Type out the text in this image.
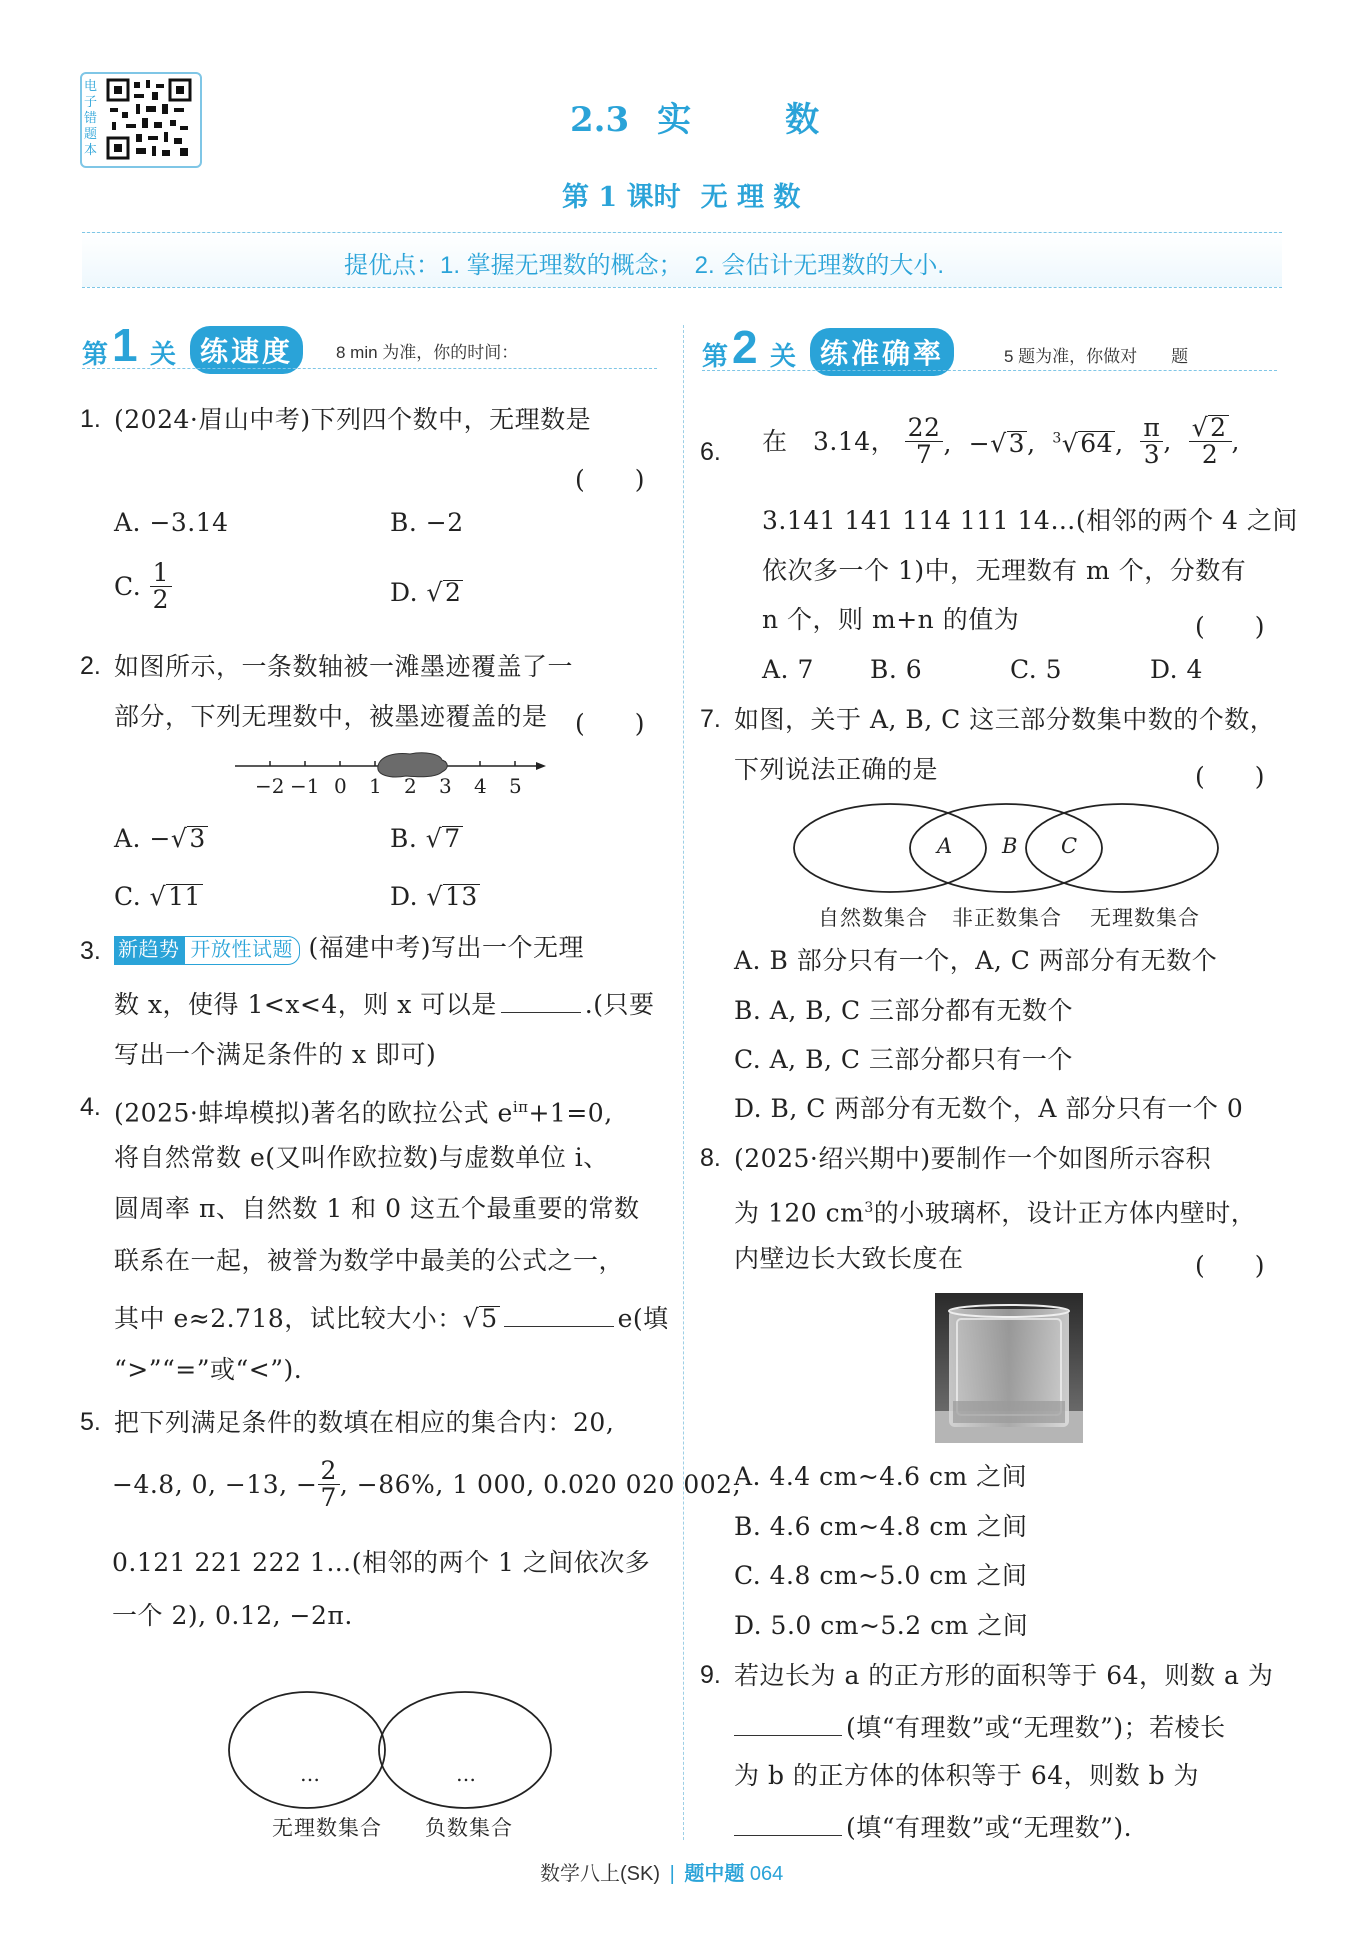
电子错题本
2.3 实　数
第 1 课时 无 理 数
提优点：1. 掌握无理数的概念；　2. 会估计无理数的大小.
第 1 关 练速度	8 min 为准，你的时间：	第 2 关 练准确率	5 题为准，你做对　　题
1. (2024·眉山中考)下列四个数中，无理数是
(　　)
A. −3.14	B. −2
C. $\frac{1}{2}$	D. √2
2. 如图所示，一条数轴被一滩墨迹覆盖了一
部分，下列无理数中，被墨迹覆盖的是 (　　)
−2 −1 0 1 2 3 4 5
A. −√3	B. √7
C. √11	D. √13
3. 新趋势 开放性试题 (福建中考)写出一个无理
数 x，使得 1<x<4，则 x 可以是	.(只要
写出一个满足条件的 x 即可)
4. (2025·蚌埠模拟)著名的欧拉公式 $e^{i\pi}+1=0$,
将自然常数 e(又叫作欧拉数)与虚数单位 i、
圆周率 π、自然数 1 和 0 这五个最重要的常数
联系在一起，被誉为数学中最美的公式之一，
其中 e≈2.718，试比较大小：√5	e(填
“>”“=”或“<”).
5. 把下列满足条件的数填在相应的集合内：20,
−4.8, 0, −13, − $\frac{2}{7}$ , −86%, 1 000, 0.020 020 002,
0.121 221 222 1…(相邻的两个 1 之间依次多
一个 2), 0.12, −2π.
…	…
无理数集合 负数集合
6. 在　3.14， $\frac{22}{7}$ ,  −√3,  $^3$√64, $\frac{\pi}{3}$ , $\frac{√2}{2}$ ,
3.141 141 114 111 14…(相邻的两个 4 之间
依次多一个 1)中，无理数有 m 个，分数有
n 个，则 m+n 的值为	(　　)
A. 7 B. 6	C. 5	D. 4
7. 如图，关于 A, B, C 这三部分数集中数的个数，
下列说法正确的是	(　　)
A B C
自然数集合 非正数集合 无理数集合
A. B 部分只有一个，A, C 两部分有无数个
B. A, B, C 三部分都有无数个
C. A, B, C 三部分都只有一个
D. B, C 两部分有无数个，A 部分只有一个 0
8. (2025·绍兴期中)要制作一个如图所示容积
为 120 $cm^3$的小玻璃杯，设计正方体内壁时，
内壁边长大致长度在	(　　)
A. 4.4 cm~4.6 cm 之间
B. 4.6 cm~4.8 cm 之间
C. 4.8 cm~5.0 cm 之间
D. 5.0 cm~5.2 cm 之间
9. 若边长为 a 的正方形的面积等于 64，则数 a 为
(填“有理数”或“无理数”)；若棱长
为 b 的正方体的体积等于 64，则数 b 为
(填“有理数”或“无理数”).
数学八上(SK) | 题中题 064
